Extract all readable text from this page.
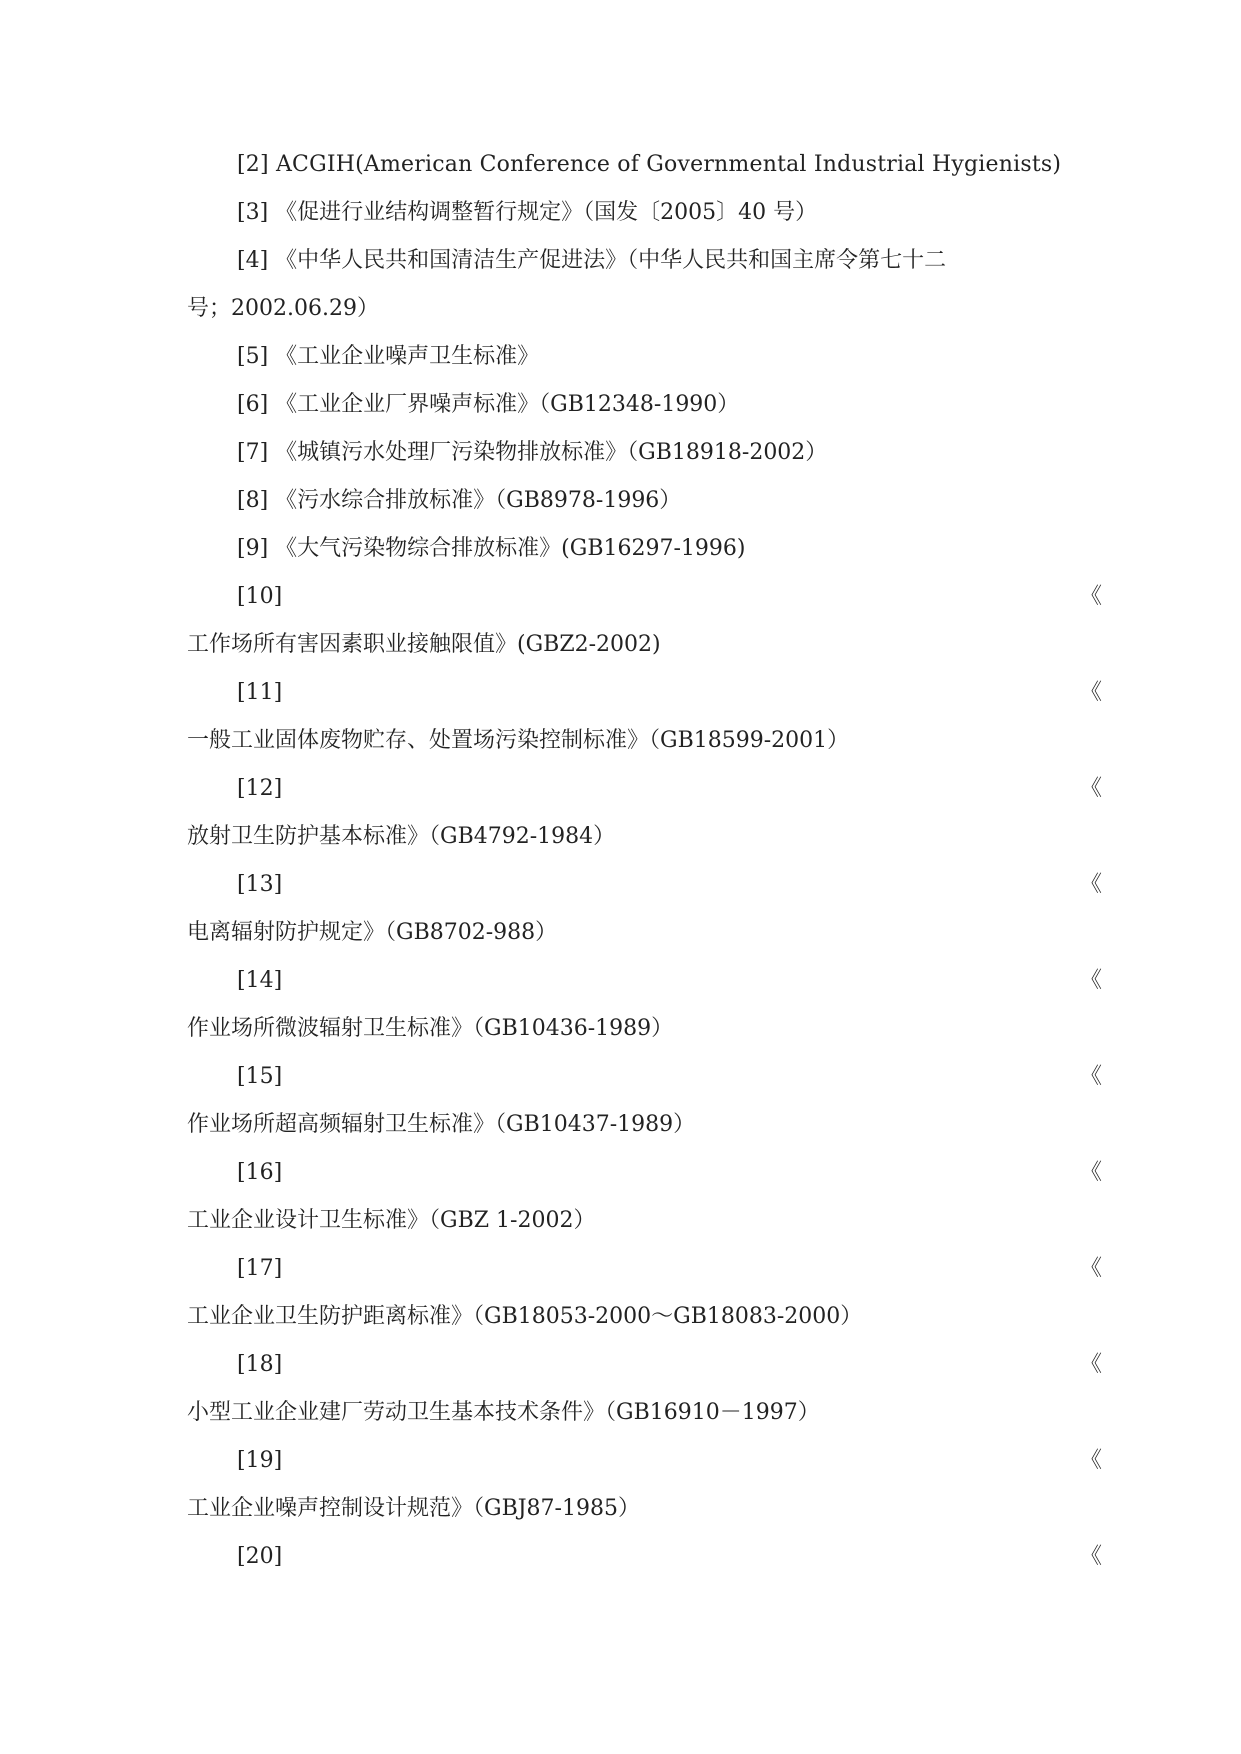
[2] ACGIH(American Conference of Governmental Industrial Hygienists)
[3] 《促进行业结构调整暂行规定》（国发〔2005〕40 号）
[4] 《中华人民共和国清洁生产促进法》（中华人民共和国主席令第七十二
号；2002.06.29）
[5] 《工业企业噪声卫生标准》
[6] 《工业企业厂界噪声标准》（GB12348-1990）
[7] 《城镇污水处理厂污染物排放标准》（GB18918-2002）
[8] 《污水综合排放标准》（GB8978-1996）
[9] 《大气污染物综合排放标准》(GB16297-1996)
[10]	《
工作场所有害因素职业接触限值》(GBZ2-2002)
[11]	《
一般工业固体废物贮存、处置场污染控制标准》（GB18599-2001）
[12]	《
放射卫生防护基本标准》（GB4792-1984）
[13]	《
电离辐射防护规定》（GB8702-988）
[14]	《
作业场所微波辐射卫生标准》（GB10436-1989）
[15]	《
作业场所超高频辐射卫生标准》（GB10437-1989）
[16]	《
工业企业设计卫生标准》（GBZ 1-2002）
[17]	《
工业企业卫生防护距离标准》（GB18053-2000～GB18083-2000）
[18]	《
小型工业企业建厂劳动卫生基本技术条件》（GB16910－1997）
[19]	《
工业企业噪声控制设计规范》（GBJ87-1985）
[20]	《
